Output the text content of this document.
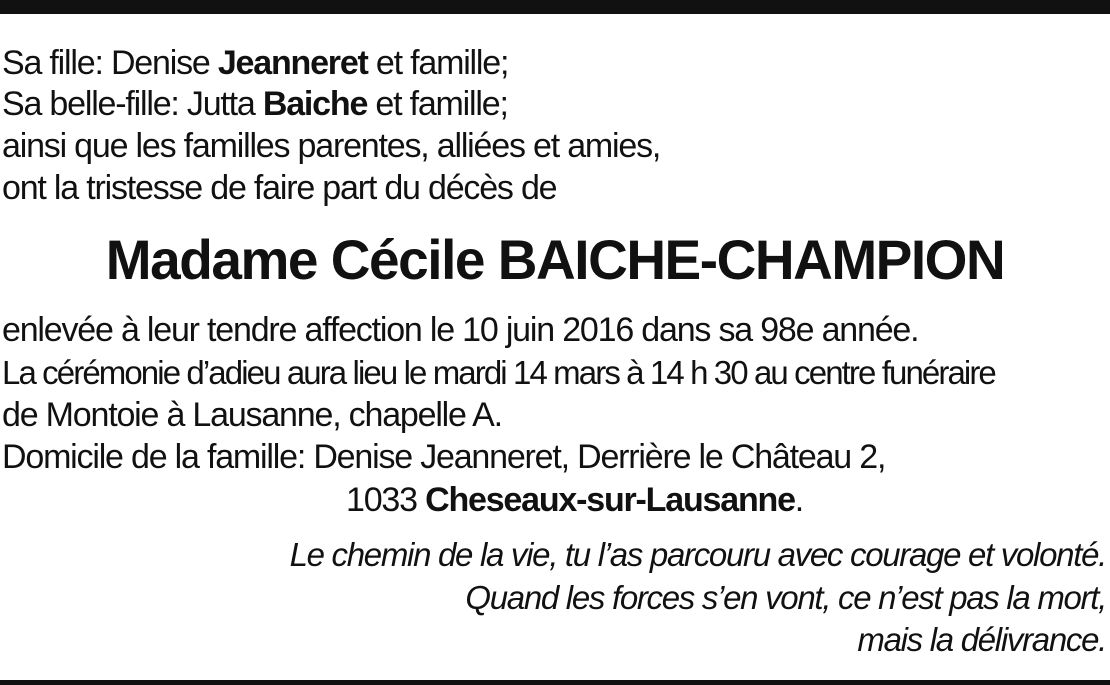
Sa fille: Denise Jeanneret et famille;
Sa belle-fille: Jutta Baiche et famille;
ainsi que les familles parentes, alliées et amies,
ont la tristesse de faire part du décès de
Madame Cécile BAICHE-CHAMPION
enlevée à leur tendre affection le 10 juin 2016 dans sa 98e année.
La cérémonie d’adieu aura lieu le mardi 14 mars à 14 h 30 au centre funéraire
de Montoie à Lausanne, chapelle A.
Domicile de la famille: Denise Jeanneret, Derrière le Château 2,
1033 Cheseaux-sur-Lausanne.
Le chemin de la vie, tu l’as parcouru avec courage et volonté.
Quand les forces s’en vont, ce n’est pas la mort,
mais la délivrance.
